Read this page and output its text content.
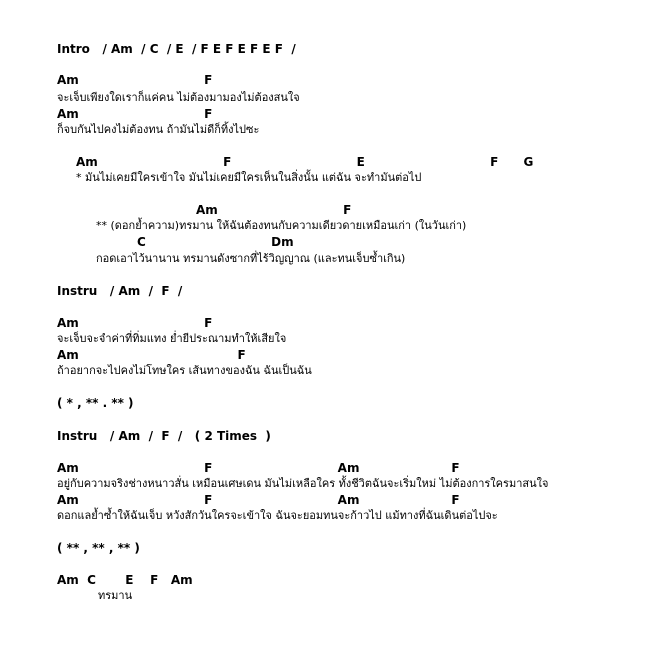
Intro   / Am  / C  / E  / F E F E F E F  /
Am                              F
จะเจ็บเพียงใดเราก็แค่คน ไม่ต้องมามองไม่ต้องสนใจ
Am                              F
ก็จบกันไปคงไม่ต้องทน ถ้ามันไม่ดีก็ทิ้งไปซะ
Am                              F                              E                              F      G
* มันไม่เคยมีใครเข้าใจ มันไม่เคยมีใครเห็นในสิ่งนั้น แต่ฉัน จะทำมันต่อไป
Am                              F
** (ดอกย้ำความ)ทรมาน ให้ฉันต้องทนกับความเดียวดายเหมือนเก่า (ในวันเก่า)
C                              Dm
กอดเอาไว้นานาน ทรมานดังซากที่ไร้วิญญาณ (และทนเจ็บซ้ำเกิน)
Instru   / Am  /  F  /
Am                              F
จะเจ็บจะจำค่าที่ทิ่มแทง ย่ำยีประณามทำให้เสียใจ
Am                                      F
ถ้าอยากจะไปคงไม่โทษใคร เส้นทางของฉัน ฉันเป็นฉัน
( * , ** . ** )
Instru   / Am  /  F  /   ( 2 Times  )
Am                              F                              Am                      F
อยู่กับความจริงช่างหนาวสั่น เหมือนเศษเดน มันไม่เหลือใคร ทั้งชีวิตฉันจะเริ่มใหม่ ไม่ต้องการใครมาสนใจ
Am                              F                              Am                      F
ดอกแลย้ำซ้ำให้ฉันเจ็บ หวังสักวันใครจะเข้าใจ ฉันจะยอมทนจะก้าวไป แม้ทางที่ฉันเดินต่อไปจะ
( ** , ** , ** )
Am  C       E    F   Am
ทรมาน
